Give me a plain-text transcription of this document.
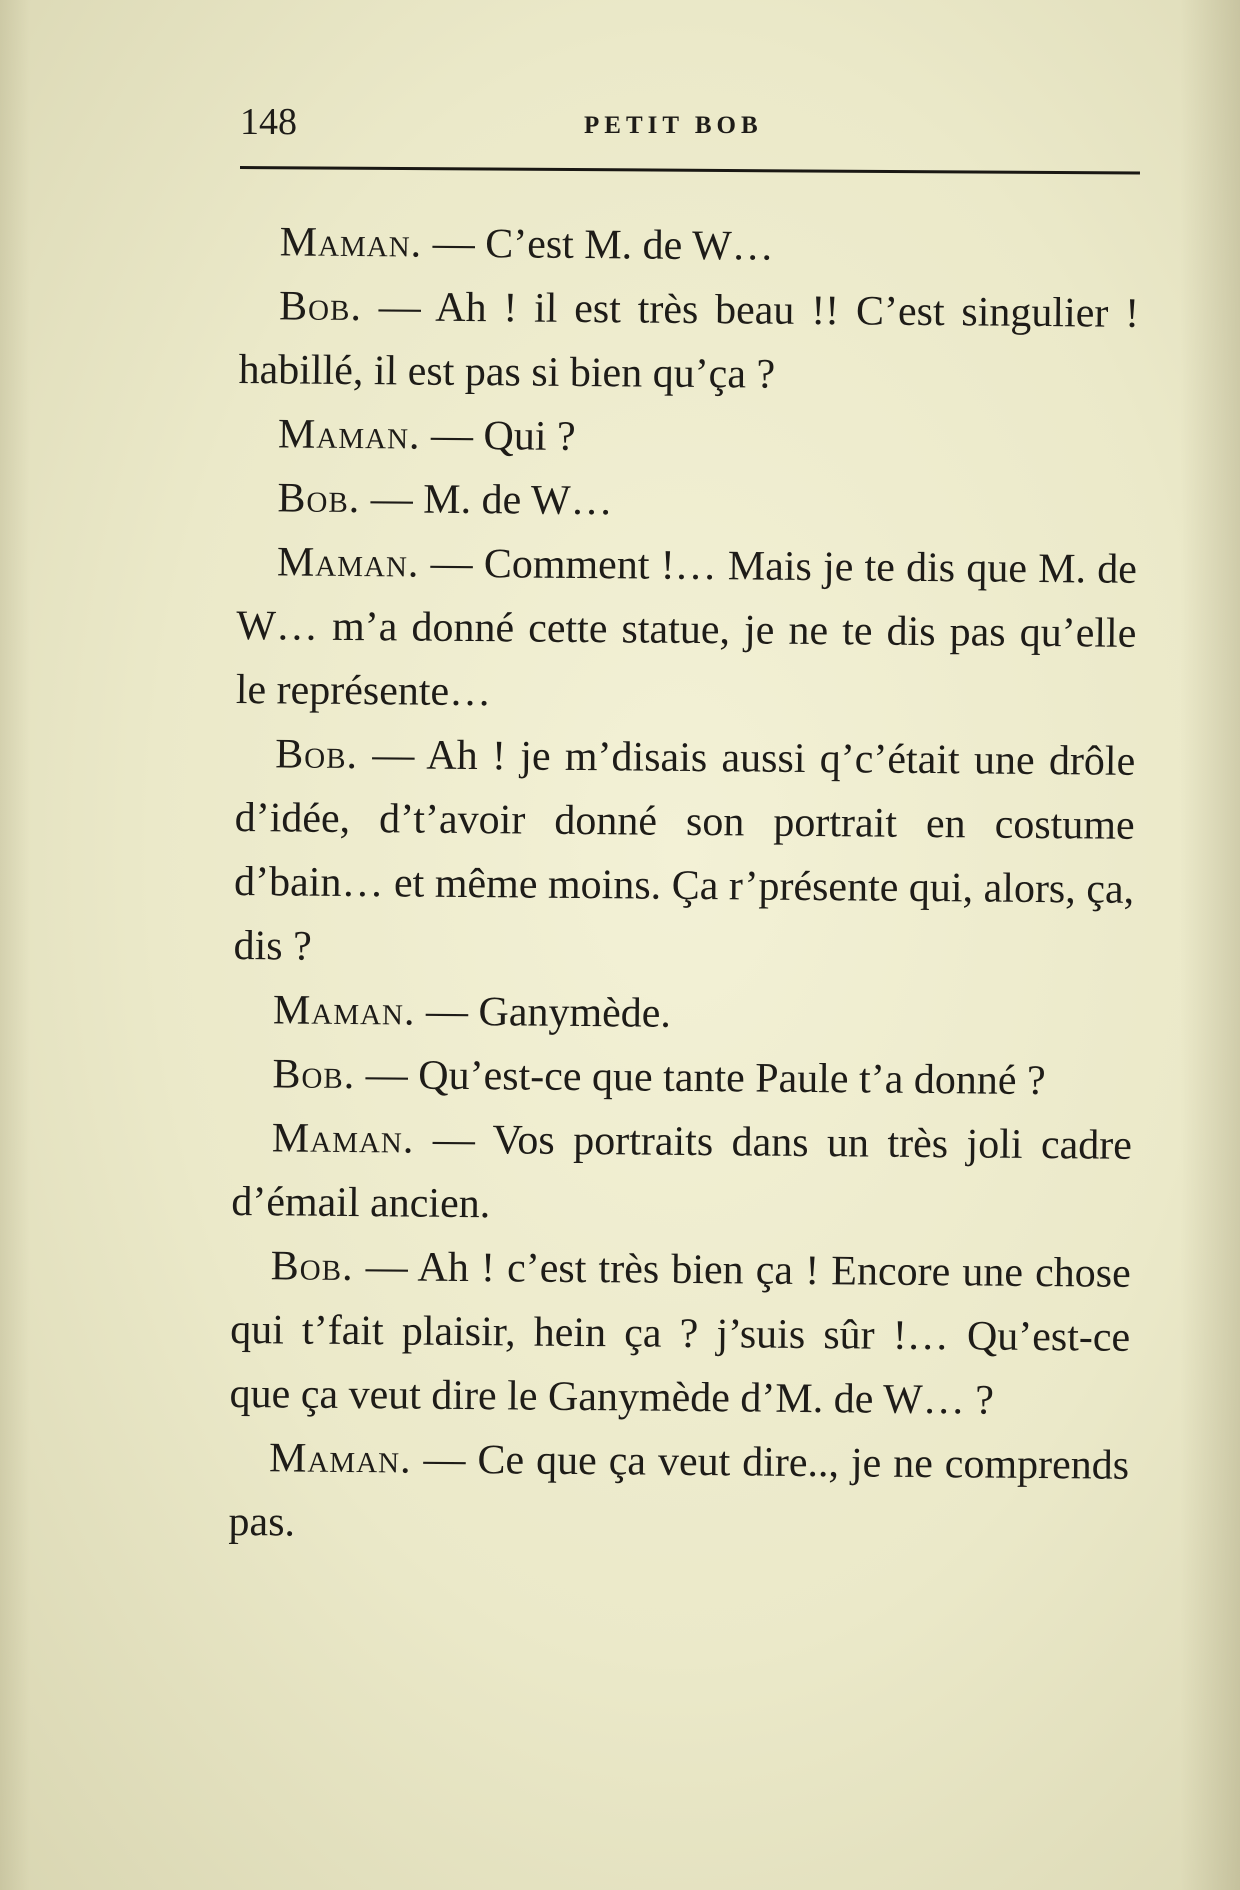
148	PETIT BOB

Maman. — C’est M. de W…

Bob. — Ah ! il est très beau !! C’est singulier ! habillé, il est pas si bien qu’ça ?

Maman. — Qui ?

Bob. — M. de W…

Maman. — Comment !… Mais je te dis que M. de W… m’a donné cette statue, je ne te dis pas qu’elle le représente…

Bob. — Ah ! je m’disais aussi q’c’était une drôle d’idée, d’t’avoir donné son portrait en costume d’bain… et même moins. Ça r’présente qui, alors, ça, dis ?

Maman. — Ganymède.

Bob. — Qu’est-ce que tante Paule t’a donné ?

Maman. — Vos portraits dans un très joli cadre d’émail ancien.

Bob. — Ah ! c’est très bien ça ! Encore une chose qui t’fait plaisir, hein ça ? j’suis sûr !… Qu’est-ce que ça veut dire le Ganymède d’M. de W… ?

Maman. — Ce que ça veut dire.., je ne comprends pas.
